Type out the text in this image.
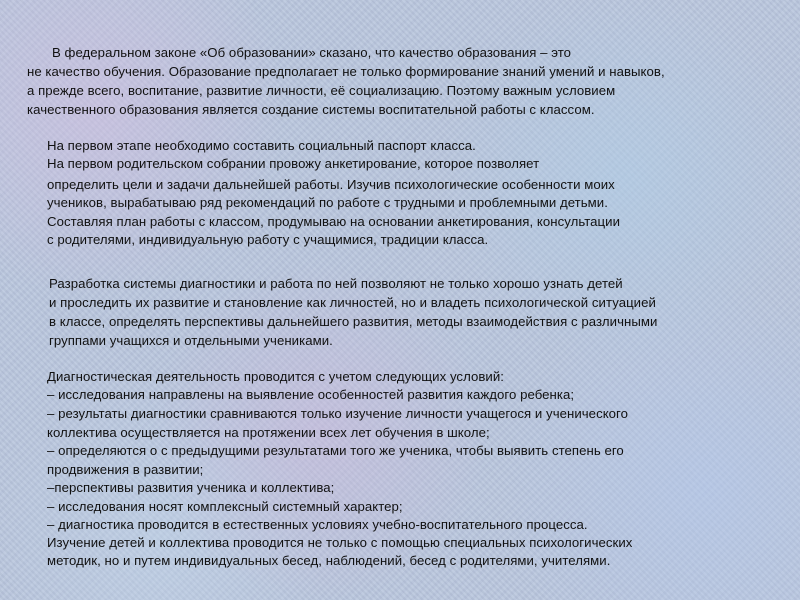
В федеральном законе «Об образовании» сказано, что качество образования – это
не качество обучения. Образование предполагает не только формирование знаний умений и навыков,
а прежде всего, воспитание, развитие личности, её социализацию. Поэтому важным условием
качественного образования является создание системы воспитательной работы с классом.
На первом этапе необходимо составить социальный паспорт класса.
На первом родительском собрании провожу анкетирование, которое позволяет
определить цели и задачи дальнейшей работы. Изучив психологические особенности моих
учеников, вырабатываю ряд рекомендаций по работе с трудными и проблемными детьми.
Составляя план работы с классом, продумываю на основании анкетирования, консультации
с родителями, индивидуальную работу с учащимися, традиции класса.
Разработка системы диагностики и работа по ней позволяют не только хорошо узнать детей
и проследить их развитие и становление как личностей, но и владеть психологической ситуацией
в классе, определять перспективы дальнейшего развития, методы взаимодействия с различными
группами учащихся и отдельными учениками.
Диагностическая деятельность проводится с учетом следующих условий:
– исследования направлены на выявление особенностей развития каждого ребенка;
– результаты диагностики сравниваются только изучение личности учащегося и ученического
коллектива осуществляется на протяжении всех лет обучения в школе;
– определяются о с предыдущими результатами того же ученика, чтобы выявить степень его
продвижения в развитии;
–перспективы развития ученика и коллектива;
– исследования носят комплексный системный характер;
– диагностика проводится в естественных условиях учебно-воспитательного процесса.
Изучение детей и коллектива проводится не только с помощью специальных психологических
методик, но и путем индивидуальных бесед, наблюдений, бесед с родителями, учителями.
